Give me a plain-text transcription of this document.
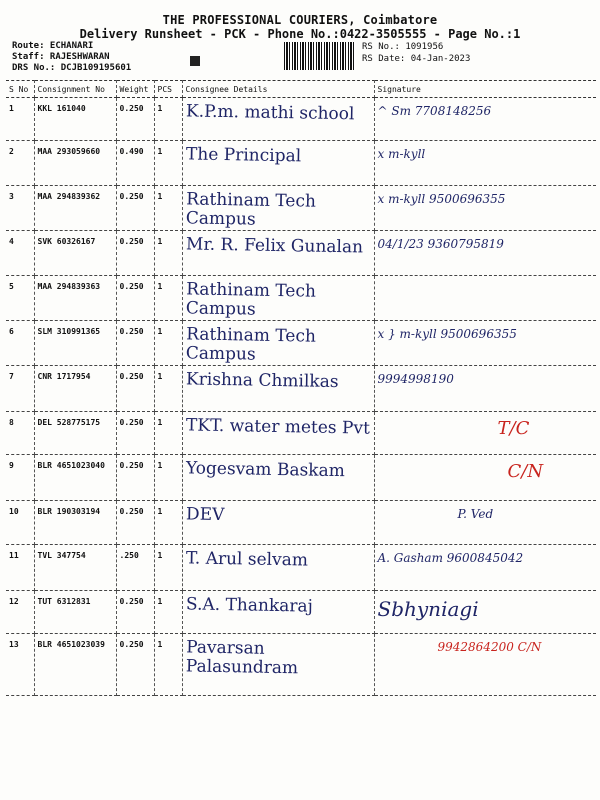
THE PROFESSIONAL COURIERS, Coimbatore
Delivery Runsheet - PCK - Phone No.:0422-3505555 - Page No.:1
Route: ECHANARI
Staff: RAJESHWARAN
DRS No.: DCJB109195601
RS No.: 1091956
RS Date: 04-Jan-2023
S No	Consignment No	Weight	PCS	Consignee Details	Signature
1	KKL 161040	0.250	1	K.P.m. mathi school	^ Sm 7708148256

2	MAA 293059660	0.490	1	The Principal	x m-kyll

3	MAA 294839362	0.250	1	Rathinam Tech Campus	x m-kyll 9500696355

4	SVK 60326167	0.250	1	Mr. R. Felix Gunalan	04/1/23 9360795819

5	MAA 294839363	0.250	1	Rathinam Tech Campus	

6	SLM 310991365	0.250	1	Rathinam Tech Campus	x } m-kyll 9500696355

7	CNR 1717954	0.250	1	Krishna Chmilkas	9994998190

8	DEL 528775175	0.250	1	TKT. water metes Pvt	T/C

9	BLR 4651023040	0.250	1	Yogesvam Baskam	C/N

10	BLR 190303194	0.250	1	DEV	P. Ved

11	TVL 347754	.250	1	T. Arul selvam	A. Gasham 9600845042

12	TUT 6312831	0.250	1	S.A. Thankaraj	Sbhyniagi

13	BLR 4651023039	0.250	1	Pavarsan Palasundram	9942864200 C/N
